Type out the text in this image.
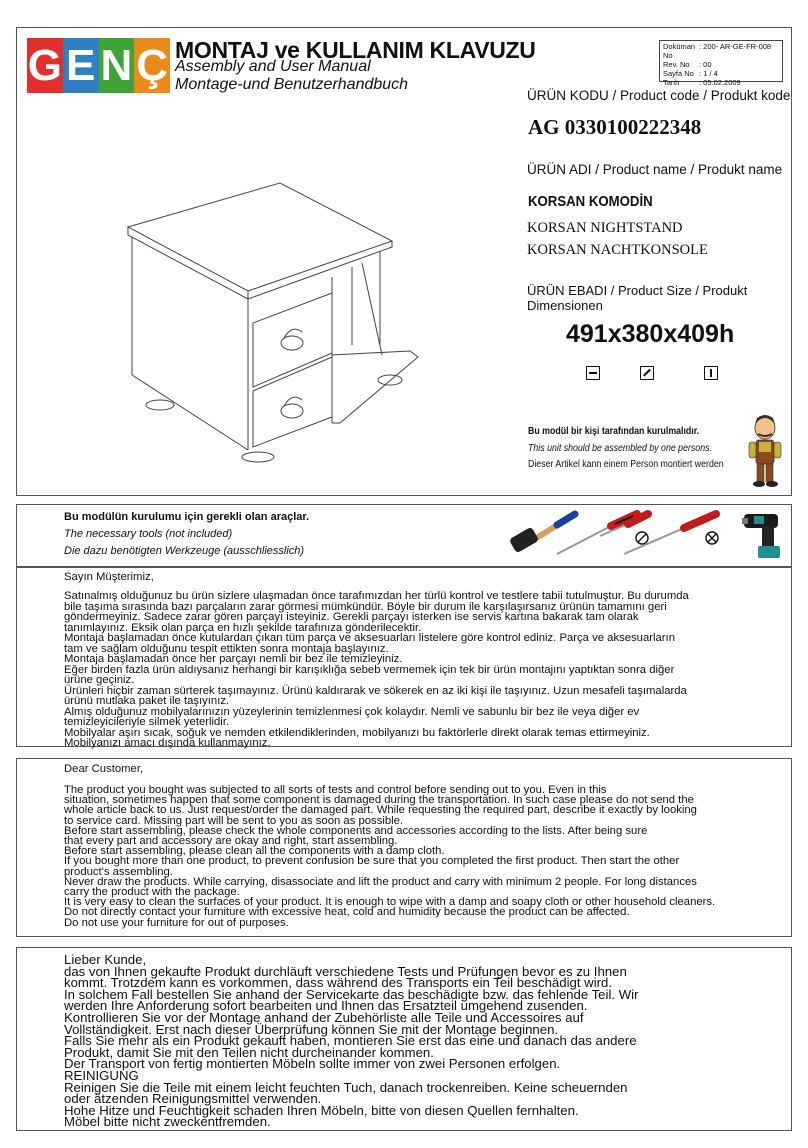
G E N Ç MONTAJ ve KULLANIM KLAVUZU
Assembly and User Manual
Montage-und Benutzerhandbuch
Doküman No
: 200- AR-GE-FR-008
Rev. No	: 00
Sayfa No : 1 / 4
Tarih	: 05.02.2009
ÜRÜN KODU / Product code / Produkt kode
AG 0330100222348
ÜRÜN ADI / Product name / Produkt name
KORSAN KOMODİN
KORSAN NIGHTSTAND
KORSAN NACHTKONSOLE
ÜRÜN EBADI / Product Size / Produkt Dimensionen
491x380x409h
Bu modül bir kişi tarafından kurulmalıdır.
This unit should be assembled by one persons.
Dieser Artikel kann einem Person montiert werden
Bu modülün kurulumu için gerekli olan araçlar.
The necessary tools (not included)
Die dazu benötigten Werkzeuge (ausschliesslich)
Sayın Müşterimiz,
Satınalmış olduğunuz bu ürün sizlere ulaşmadan önce tarafımızdan her türlü kontrol ve testlere tabii tutulmuştur. Bu durumda
bile taşıma sırasında bazı parçaların zarar görmesi mümkündür. Böyle bir durum ile karşılaşırsanız ürünün tamamını geri
göndermeyiniz. Sadece zarar gören parçayı isteyiniz. Gerekli parçayı isterken ise servis kartına bakarak tam olarak
tanımlayınız. Eksik olan parça en hızlı şekilde tarafınıza gönderilecektir.
Montaja başlamadan önce kutulardan çıkan tüm parça ve aksesuarları listelere göre kontrol ediniz. Parça ve aksesuarların
tam ve sağlam olduğunu tespit ettikten sonra montaja başlayınız.
Montaja başlamadan önce her parçayı nemli bir bez ile temizleyiniz.
Eğer birden fazla ürün aldıysanız herhangi bir karışıklığa sebeb vermemek için tek bir ürün montajını yaptıktan sonra diğer
ürüne geçiniz.
Ürünleri hiçbir zaman sürterek taşımayınız. Ürünü kaldırarak ve sökerek en az iki kişi ile taşıyınız. Uzun mesafeli taşımalarda
ürünü mutlaka paket ile taşıyınız.
Almış olduğunuz mobilyalarınızın yüzeylerinin temizlenmesi çok kolaydır. Nemli ve sabunlu bir bez ile veya diğer ev
temizleyicileriyle silmek yeterlidir.
Mobilyalar aşırı sıcak, soğuk ve nemden etkilendiklerinden, mobilyanızı bu faktörlerle direkt olarak temas ettirmeyiniz.
Mobilyanızı amacı dışında kullanmayınız.
Dear Customer,
The product you bought was subjected to all sorts of tests and control before sending out to you. Even in this
situation, sometimes happen that some component is damaged during the transportation. In such case please do not send the
whole article back to us. Just request/order the damaged part. While requesting the required part, describe it exactly by looking
to service card. Missing part will be sent to you as soon as possible.
Before start assembling, please check the whole components and accessories according to the lists. After being sure
that every part and accessory are okay and right, start assembling.
Before start assembling, please clean all the components with a damp cloth.
If you bought more than one product, to prevent confusion be sure that you completed the first product. Then start the other
product's assembling.
Never draw the products. While carrying, disassociate and lift the product and carry with minimum 2 people. For long distances
carry the product with the package.
It is very easy to clean the surfaces of your product. It is enough to wipe with a damp and soapy cloth or other household cleaners.
Do not directly contact your furniture with excessive heat, cold and humidity because the product can be affected.
Do not use your furniture for out of purposes.
Lieber Kunde,
das von Ihnen gekaufte Produkt durchläuft verschiedene Tests und Prüfungen bevor es zu Ihnen
kommt. Trotzdem kann es vorkommen, dass während des Transports ein Teil beschädigt wird.
In solchem Fall bestellen Sie anhand der Servicekarte das beschädigte bzw. das fehlende Teil. Wir
werden Ihre Anforderung sofort bearbeiten und Ihnen das Ersatzteil umgehend zusenden.
Kontrollieren Sie vor der Montage anhand der Zubehörliste alle Teile und Accessoires auf
Vollständigkeit. Erst nach dieser Überprüfung können Sie mit der Montage beginnen.
Falls Sie mehr als ein Produkt gekauft haben, montieren Sie erst das eine und danach das andere
Produkt, damit Sie mit den Teilen nicht durcheinander kommen.
Der Transport von fertig montierten Möbeln sollte immer von zwei Personen erfolgen.
REINIGUNG
Reinigen Sie die Teile mit einem leicht feuchten Tuch, danach trockenreiben. Keine scheuernden
oder ätzenden Reinigungsmittel verwenden.
Hohe Hitze und Feuchtigkeit schaden Ihren Möbeln, bitte von diesen Quellen fernhalten.
Möbel bitte nicht zweckentfremden.
